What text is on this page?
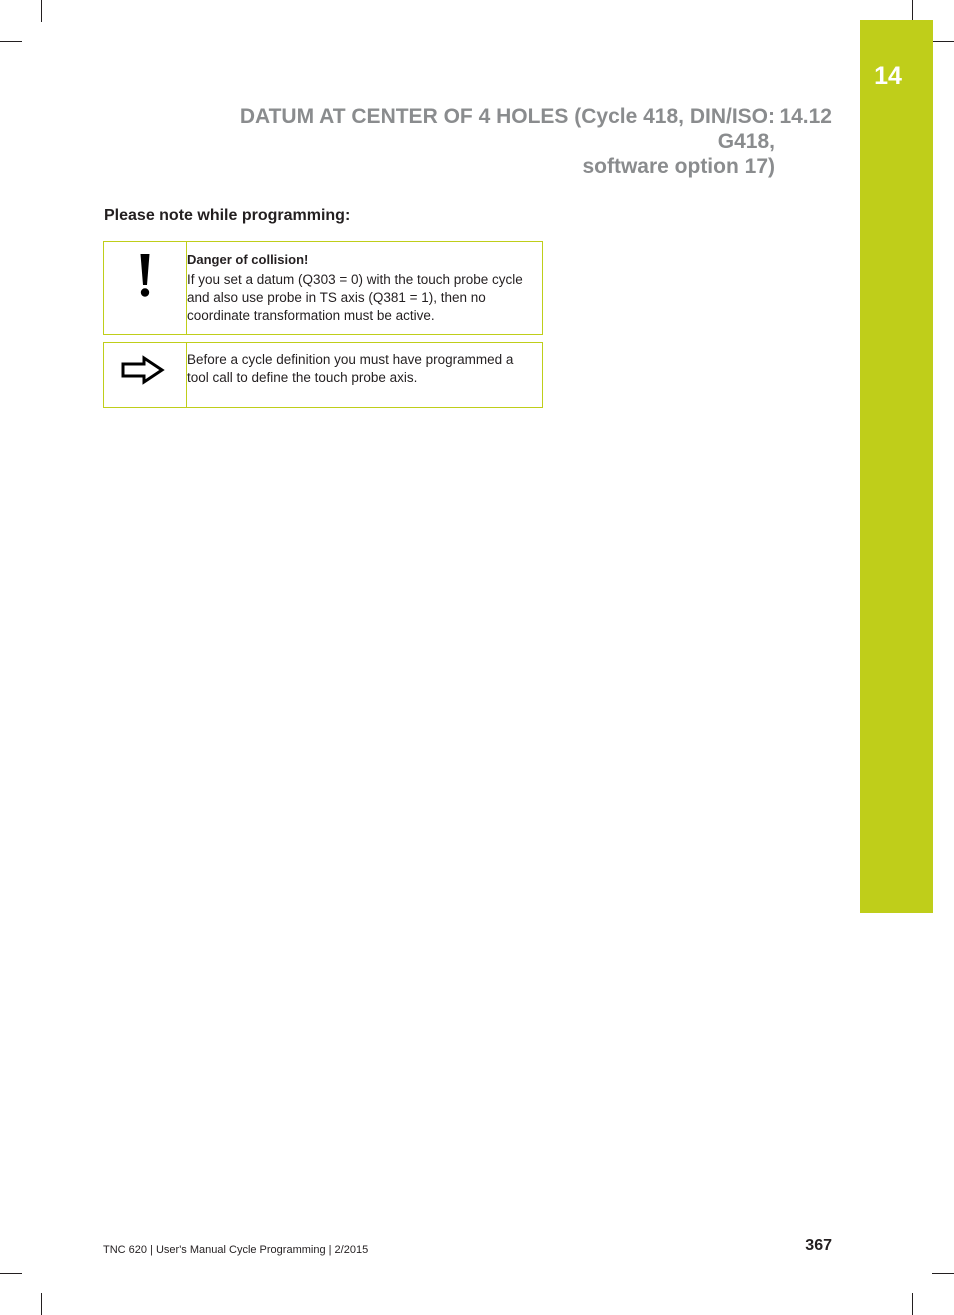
14
DATUM AT CENTER OF 4 HOLES (Cycle 418, DIN/ISO: G418,
software option 17)
14.12
Please note while programming:
Danger of collision!
If you set a datum (Q303 = 0) with the touch probe cycle and also use probe in TS axis (Q381 = 1), then no coordinate transformation must be active.
Before a cycle definition you must have programmed a tool call to define the touch probe axis.
TNC 620 | User's Manual Cycle Programming | 2/2015	367
